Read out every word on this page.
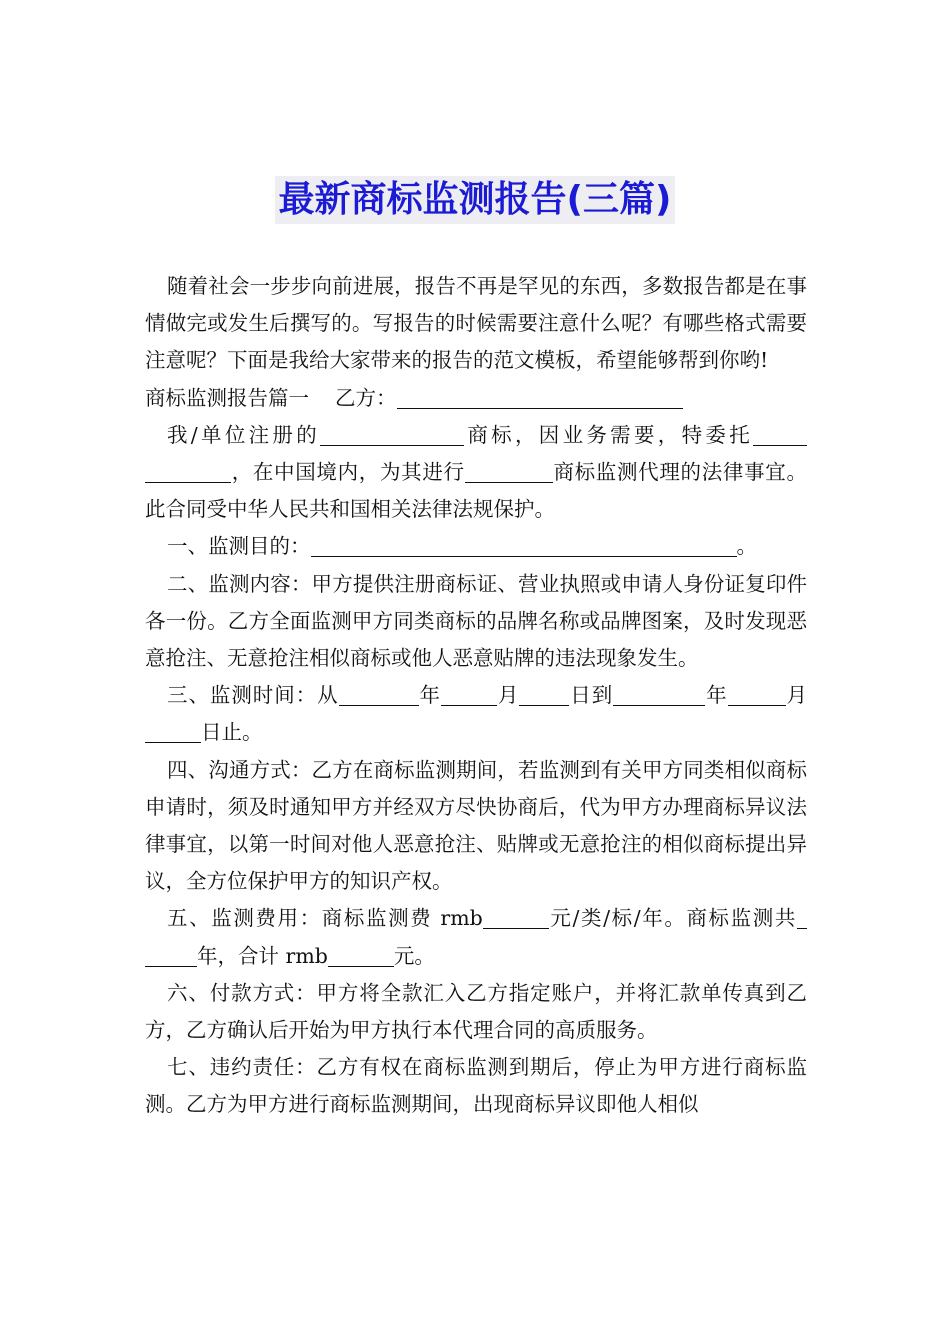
最新商标监测报告(三篇)

随着社会一步步向前进展，报告不再是罕见的东西，多数报告都是在事情做完或发生后撰写的。写报告的时候需要注意什么呢？有哪些格式需要注意呢？下面是我给大家带来的报告的范文模板，希望能够帮到你哟!

商标监测报告篇一 乙方：

我/单位注册的	商标，因业务需要，特委托，在中国境内，为其进行	商标监测代理的法律事宜。此合同受中华人民共和国相关法律法规保护。

一、监测目的：	。

二、监测内容：甲方提供注册商标证、营业执照或申请人身份证复印件各一份。乙方全面监测甲方同类商标的品牌名称或品牌图案，及时发现恶意抢注、无意抢注相似商标或他人恶意贴牌的违法现象发生。

三、监测时间：从	年	月 日到	年	月日止。

四、沟通方式：乙方在商标监测期间，若监测到有关甲方同类相似商标申请时，须及时通知甲方并经双方尽快协商后，代为甲方办理商标异议法律事宜，以第一时间对他人恶意抢注、贴牌或无意抢注的相似商标提出异议，全方位保护甲方的知识产权。

五、监测费用：商标监测费 rmb	元/类/标/年。商标监测共年，合计 rmb	元。

六、付款方式：甲方将全款汇入乙方指定账户，并将汇款单传真到乙方，乙方确认后开始为甲方执行本代理合同的高质服务。

七、违约责任：乙方有权在商标监测到期后，停止为甲方进行商标监测。乙方为甲方进行商标监测期间，出现商标异议即他人相似
